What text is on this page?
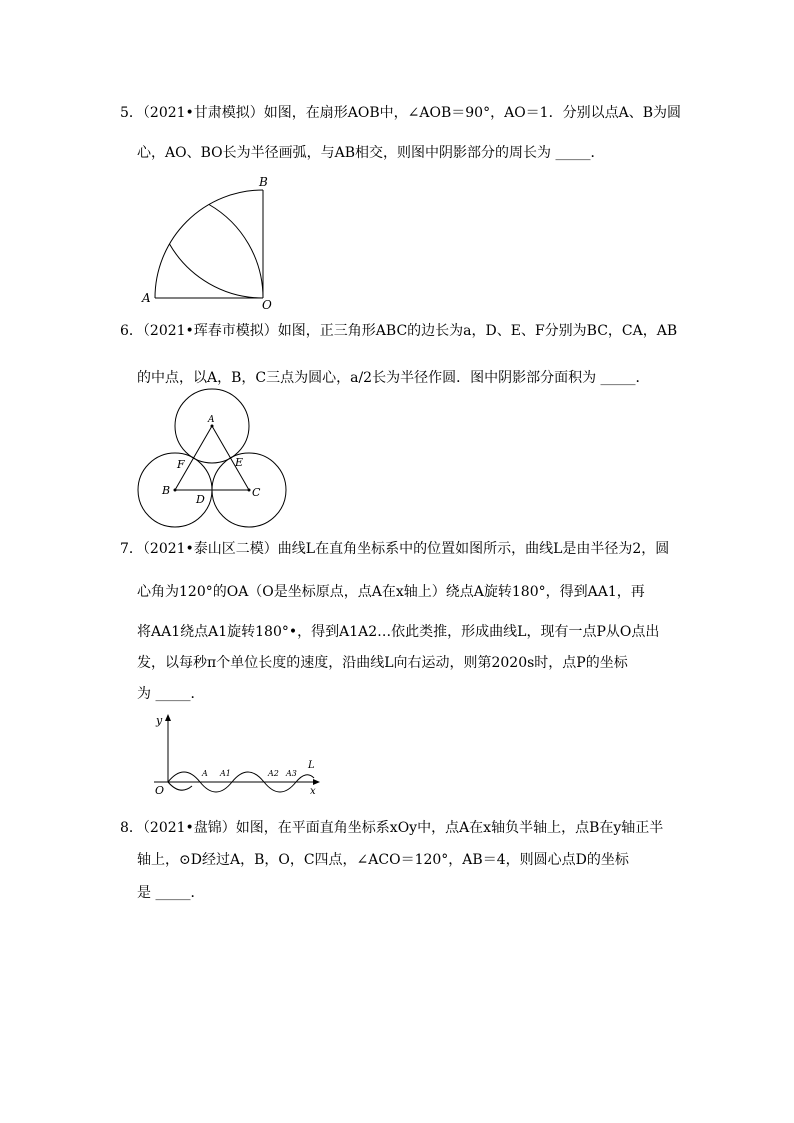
5．（2021•甘肃模拟）如图，在扇形AOB中，∠AOB＝90°，AO＝1．分别以点A、B为圆
心，AO、BO长为半径画弧，与AB相交，则图中阴影部分的周长为 _____．
B
A	O
6．（2021•珲春市模拟）如图，正三角形ABC的边长为a，D、E、F分别为BC，CA，AB
的中点，以A，B，C三点为圆心，a/2长为半径作圆．图中阴影部分面积为 _____．
A
F	E
B
D
C
7．（2021•泰山区二模）曲线L在直角坐标系中的位置如图所示，曲线L是由半径为2，圆
心角为120°的OA（O是坐标原点，点A在x轴上）绕点A旋转180°，得到AA1，再
将AA1绕点A1旋转180°•，得到A1A2…依此类推，形成曲线L，现有一点P从O点出
发，以每秒π个单位长度的速度，沿曲线L向右运动，则第2020s时，点P的坐标
为 _____．
y
O
A A1	A2 A3
L
x
8．（2021•盘锦）如图，在平面直角坐标系xOy中，点A在x轴负半轴上，点B在y轴正半
轴上，⊙D经过A，B，O，C四点，∠ACO＝120°，AB＝4，则圆心点D的坐标
是 _____．
